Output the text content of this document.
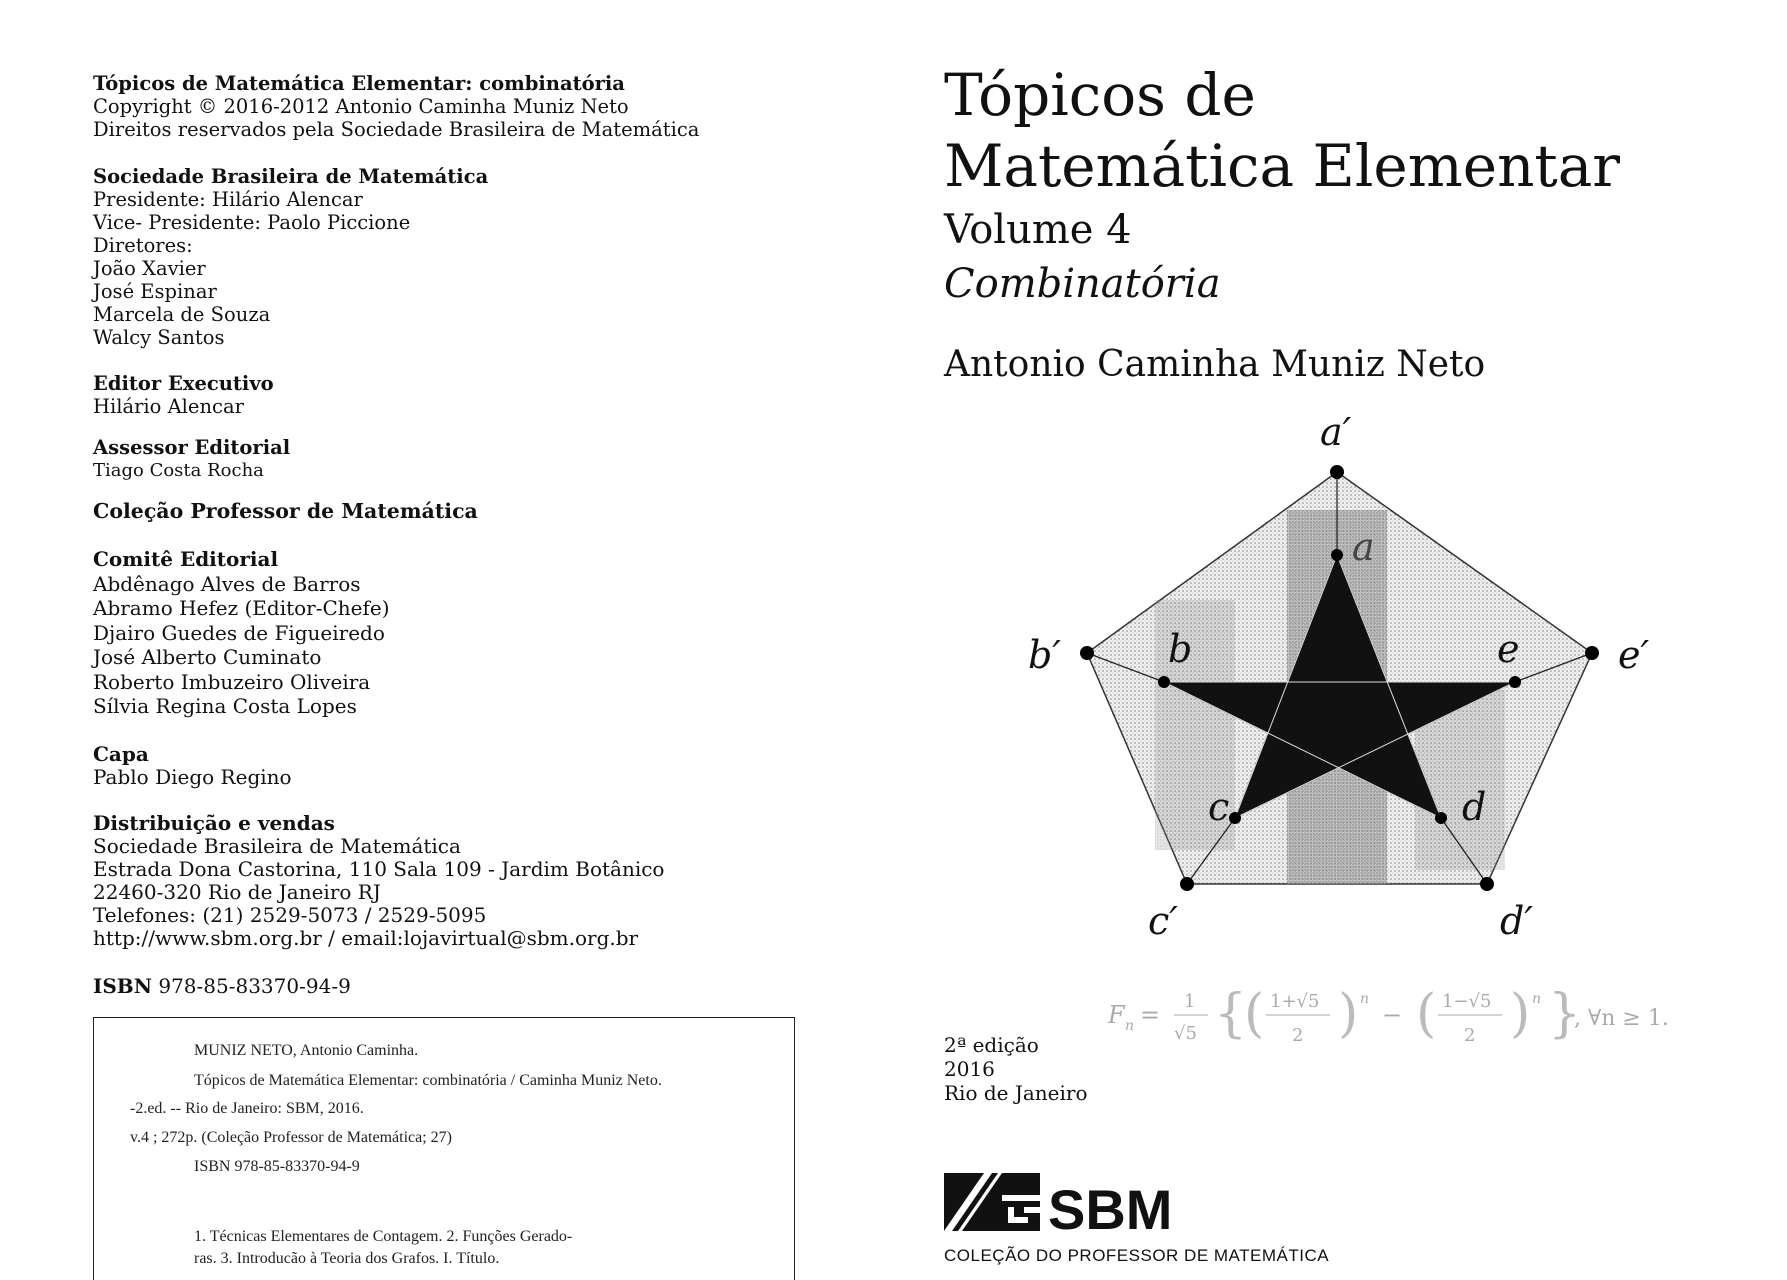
Tópicos de Matemática Elementar: combinatória
Copyright © 2016-2012 Antonio Caminha Muniz Neto
Direitos reservados pela Sociedade Brasileira de Matemática
Sociedade Brasileira de Matemática
Presidente: Hilário Alencar
Vice- Presidente: Paolo Piccione
Diretores:
João Xavier
José Espinar
Marcela de Souza
Walcy Santos
Editor Executivo
Hilário Alencar
Assessor Editorial
Tiago Costa Rocha
Coleção Professor de Matemática
Comitê Editorial
Abdênago Alves de Barros
Abramo Hefez (Editor-Chefe)
Djairo Guedes de Figueiredo
José Alberto Cuminato
Roberto Imbuzeiro Oliveira
Sílvia Regina Costa Lopes
Capa
Pablo Diego Regino
Distribuição e vendas
Sociedade Brasileira de Matemática
Estrada Dona Castorina, 110 Sala 109 - Jardim Botânico
22460-320 Rio de Janeiro RJ
Telefones: (21) 2529-5073 / 2529-5095
http://www.sbm.org.br / email:lojavirtual@sbm.org.br
ISBN 978-85-83370-94-9
MUNIZ NETO, Antonio Caminha.
Tópicos de Matemática Elementar: combinatória / Caminha Muniz Neto.
-2.ed. -- Rio de Janeiro: SBM, 2016.
v.4 ; 272p. (Coleção Professor de Matemática; 27)
ISBN 978-85-83370-94-9
1. Técnicas Elementares de Contagem. 2. Funções Gerado-
ras. 3. Introducão à Teoria dos Grafos. I. Título.
Tópicos de
Matemática Elementar
Volume 4
Combinatória
Antonio Caminha Muniz Neto
a′
b′	e′
c′	d′
a
b	e
c	d
F n = 1
√5 {
( 1+√5
2 ) n
− ( 1−√5
2 ) n }
, ∀n ≥ 1.
2ª edição
2016
Rio de Janeiro
SBM
COLEÇÃO DO PROFESSOR DE MATEMÁTICA
